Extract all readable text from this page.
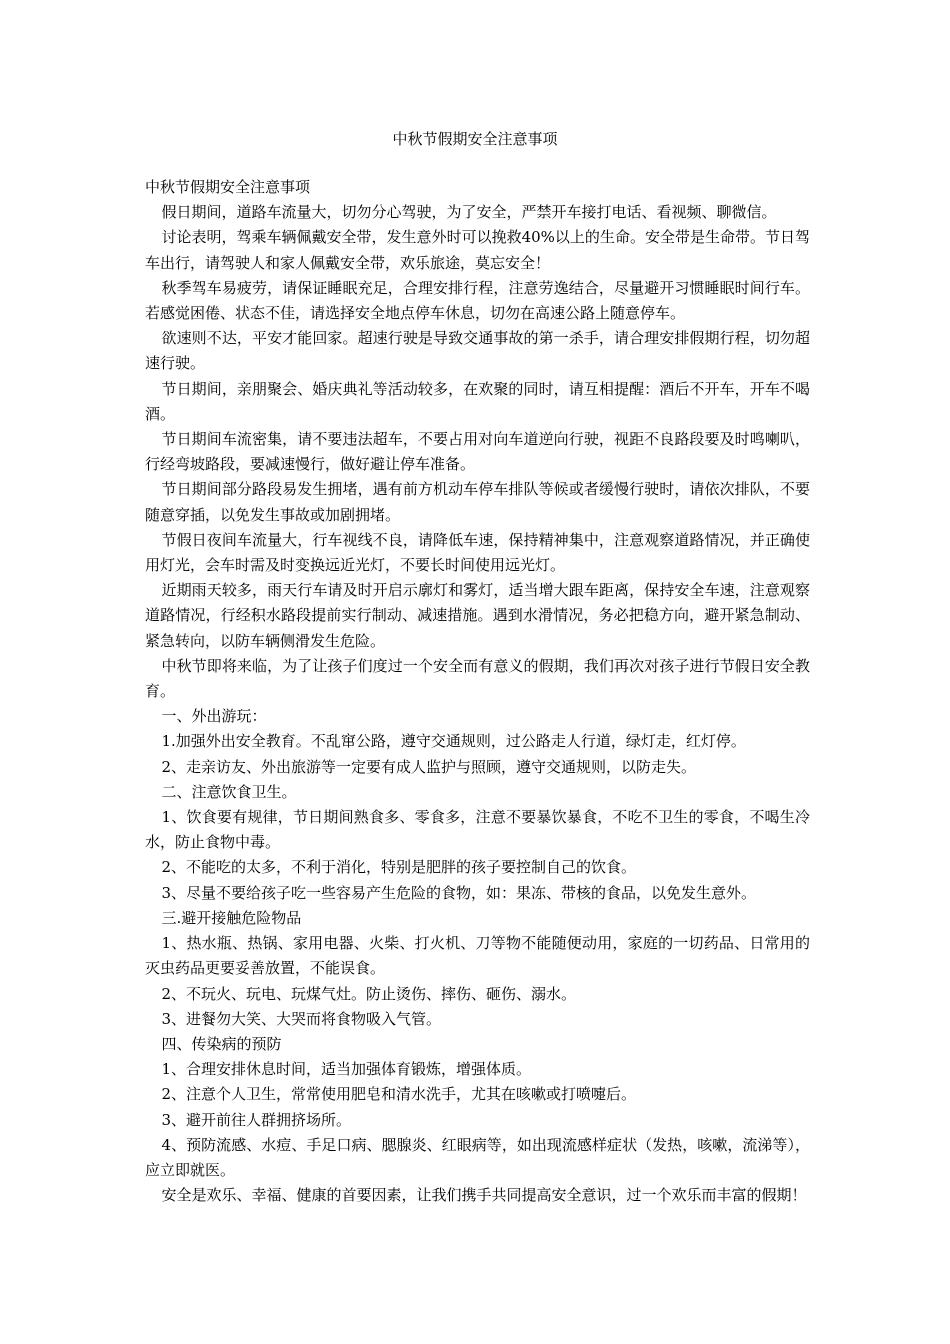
中秋节假期安全注意事项

中秋节假期安全注意事项

假日期间，道路车流量大，切勿分心驾驶，为了安全，严禁开车接打电话、看视频、聊微信。

讨论表明，驾乘车辆佩戴安全带，发生意外时可以挽救40%以上的生命。安全带是生命带。节日驾车出行，请驾驶人和家人佩戴安全带，欢乐旅途，莫忘安全！

秋季驾车易疲劳，请保证睡眠充足，合理安排行程，注意劳逸结合，尽量避开习惯睡眠时间行车。若感觉困倦、状态不佳，请选择安全地点停车休息，切勿在高速公路上随意停车。

欲速则不达，平安才能回家。超速行驶是导致交通事故的第一杀手，请合理安排假期行程，切勿超速行驶。

节日期间，亲朋聚会、婚庆典礼等活动较多，在欢聚的同时，请互相提醒：酒后不开车，开车不喝酒。

节日期间车流密集，请不要违法超车，不要占用对向车道逆向行驶，视距不良路段要及时鸣喇叭，行经弯坡路段，要减速慢行，做好避让停车准备。

节日期间部分路段易发生拥堵，遇有前方机动车停车排队等候或者缓慢行驶时，请依次排队，不要随意穿插，以免发生事故或加剧拥堵。

节假日夜间车流量大，行车视线不良，请降低车速，保持精神集中，注意观察道路情况，并正确使用灯光，会车时需及时变换远近光灯，不要长时间使用远光灯。

近期雨天较多，雨天行车请及时开启示廓灯和雾灯，适当增大跟车距离，保持安全车速，注意观察道路情况，行经积水路段提前实行制动、减速措施。遇到水滑情况，务必把稳方向，避开紧急制动、紧急转向，以防车辆侧滑发生危险。

中秋节即将来临，为了让孩子们度过一个安全而有意义的假期，我们再次对孩子进行节假日安全教育。

一、外出游玩：

1.加强外出安全教育。不乱窜公路，遵守交通规则，过公路走人行道，绿灯走，红灯停。

2、走亲访友、外出旅游等一定要有成人监护与照顾，遵守交通规则，以防走失。

二、注意饮食卫生。

1、饮食要有规律，节日期间熟食多、零食多，注意不要暴饮暴食，不吃不卫生的零食，不喝生冷水，防止食物中毒。

2、不能吃的太多，不利于消化，特别是肥胖的孩子要控制自己的饮食。

3、尽量不要给孩子吃一些容易产生危险的食物，如：果冻、带核的食品，以免发生意外。

三.避开接触危险物品

1、热水瓶、热锅、家用电器、火柴、打火机、刀等物不能随便动用，家庭的一切药品、日常用的灭虫药品更要妥善放置，不能误食。

2、不玩火、玩电、玩煤气灶。防止烫伤、摔伤、砸伤、溺水。

3、进餐勿大笑、大哭而将食物吸入气管。

四、传染病的预防

1、合理安排休息时间，适当加强体育锻炼，增强体质。

2、注意个人卫生，常常使用肥皂和清水洗手，尤其在咳嗽或打喷嚏后。

3、避开前往人群拥挤场所。

4、预防流感、水痘、手足口病、腮腺炎、红眼病等，如出现流感样症状（发热，咳嗽，流涕等），应立即就医。

安全是欢乐、幸福、健康的首要因素，让我们携手共同提高安全意识，过一个欢乐而丰富的假期！
